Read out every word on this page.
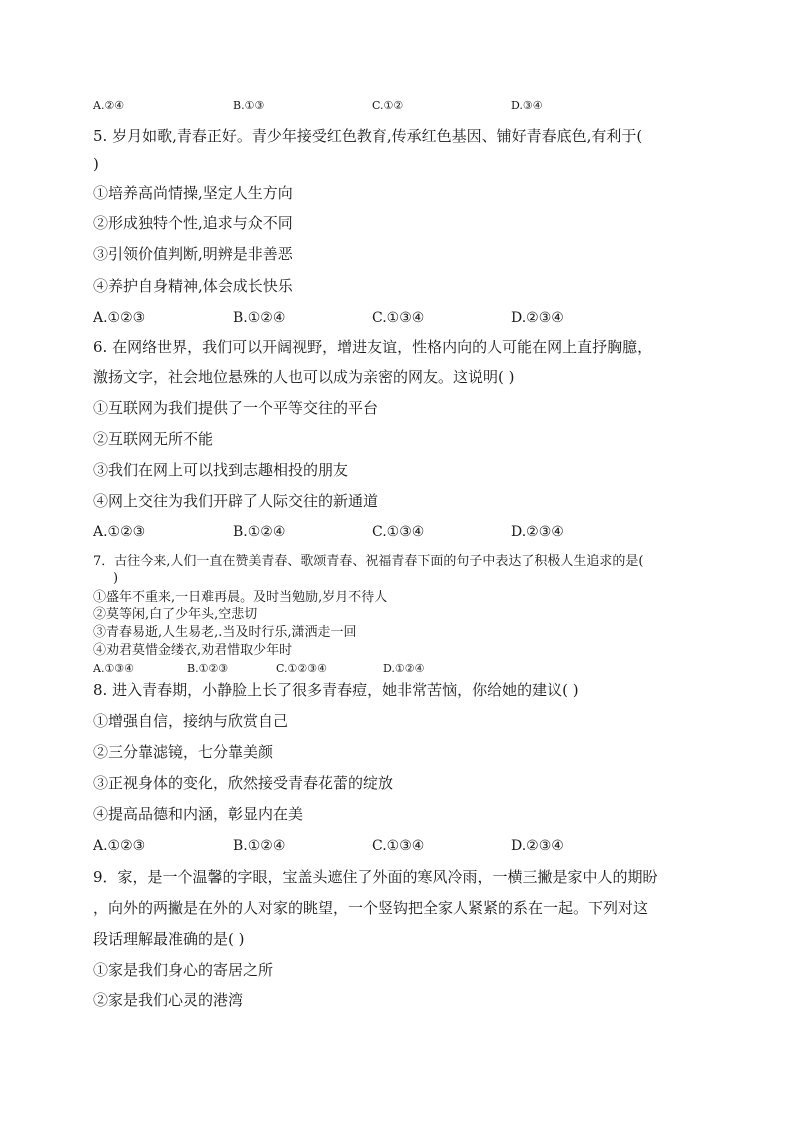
A.②④	B.①③	C.①②	D.③④
5. 岁月如歌,青春正好。青少年接受红色教育,传承红色基因、铺好青春底色,有利于(
)
①培养高尚情操,坚定人生方向
②形成独特个性,追求与众不同
③引领价值判断,明辨是非善恶
④养护自身精神,体会成长快乐
A.①②③	B.①②④	C.①③④	D.②③④
6. 在网络世界，我们可以开阔视野，增进友谊，性格内向的人可能在网上直抒胸臆，
激扬文字，社会地位悬殊的人也可以成为亲密的网友。这说明( )
①互联网为我们提供了一个平等交往的平台
②互联网无所不能
③我们在网上可以找到志趣相投的朋友
④网上交往为我们开辟了人际交往的新通道
A.①②③	B.①②④	C.①③④	D.②③④
7．古往今来,人们一直在赞美青春、歌颂青春、祝福青春下面的句子中表达了积极人生追求的是(
)
①盛年不重来,一日难再晨。及时当勉励,岁月不待人
②莫等闲,白了少年头,空悲切
③青春易逝,人生易老,.当及时行乐,潇洒走一回
④劝君莫惜金缕衣,劝君惜取少年时
A.①③④	B.①②③	C.①②③④	D.①②④
8. 进入青春期，小静脸上长了很多青春痘，她非常苦恼，你给她的建议( )
①增强自信，接纳与欣赏自己
②三分靠滤镜，七分靠美颜
③正视身体的变化，欣然接受青春花蕾的绽放
④提高品德和内涵，彰显内在美
A.①②③	B.①②④	C.①③④	D.②③④
9．家，是一个温馨的字眼，宝盖头遮住了外面的寒风冷雨，一横三撇是家中人的期盼
，向外的两撇是在外的人对家的眺望，一个竖钩把全家人紧紧的系在一起。下列对这
段话理解最准确的是( )
①家是我们身心的寄居之所
②家是我们心灵的港湾
